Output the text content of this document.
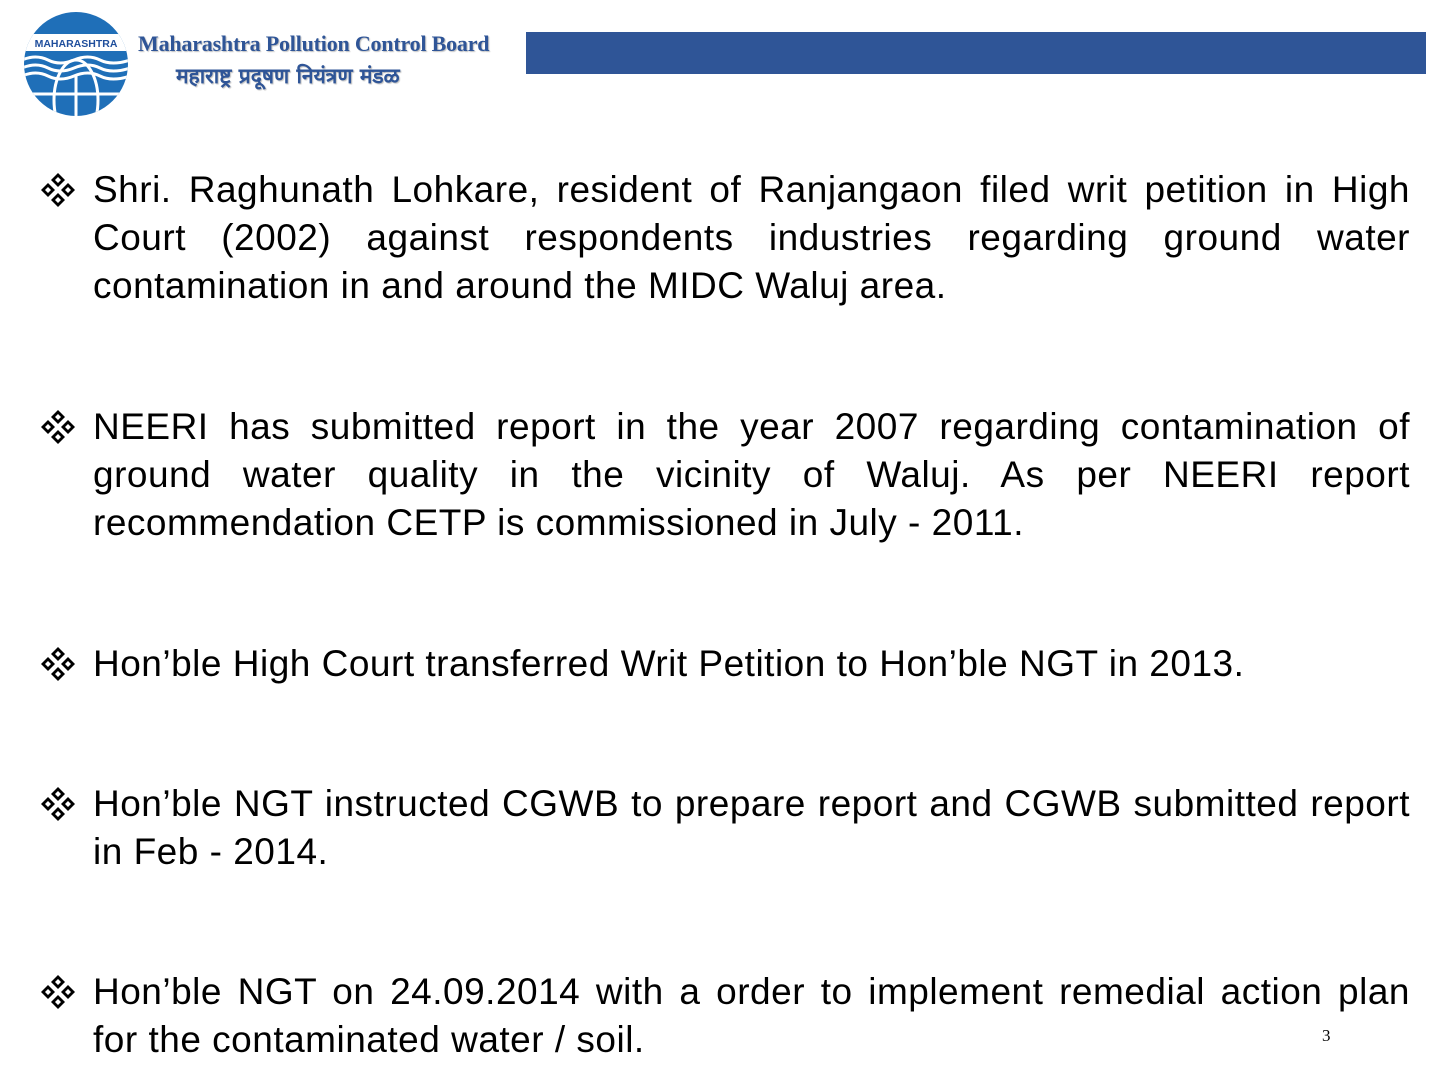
MAHARASHTRA Maharashtra Pollution Control Board
महाराष्ट्र प्रदूषण नियंत्रण मंडळ
Shri. Raghunath Lohkare, resident of Ranjangaon filed writ petition in High Court (2002) against respondents industries regarding ground water contamination in and around the MIDC Waluj area.
NEERI has submitted report in the year 2007 regarding contamination of ground water quality in the vicinity of Waluj. As per NEERI report recommendation CETP is commissioned in July - 2011.
Hon’ble High Court transferred Writ Petition to Hon’ble NGT in 2013.
Hon’ble NGT instructed CGWB to prepare report and CGWB submitted report in Feb - 2014.
Hon’ble NGT on 24.09.2014 with a order to implement remedial action plan for the contaminated water / soil.	3
